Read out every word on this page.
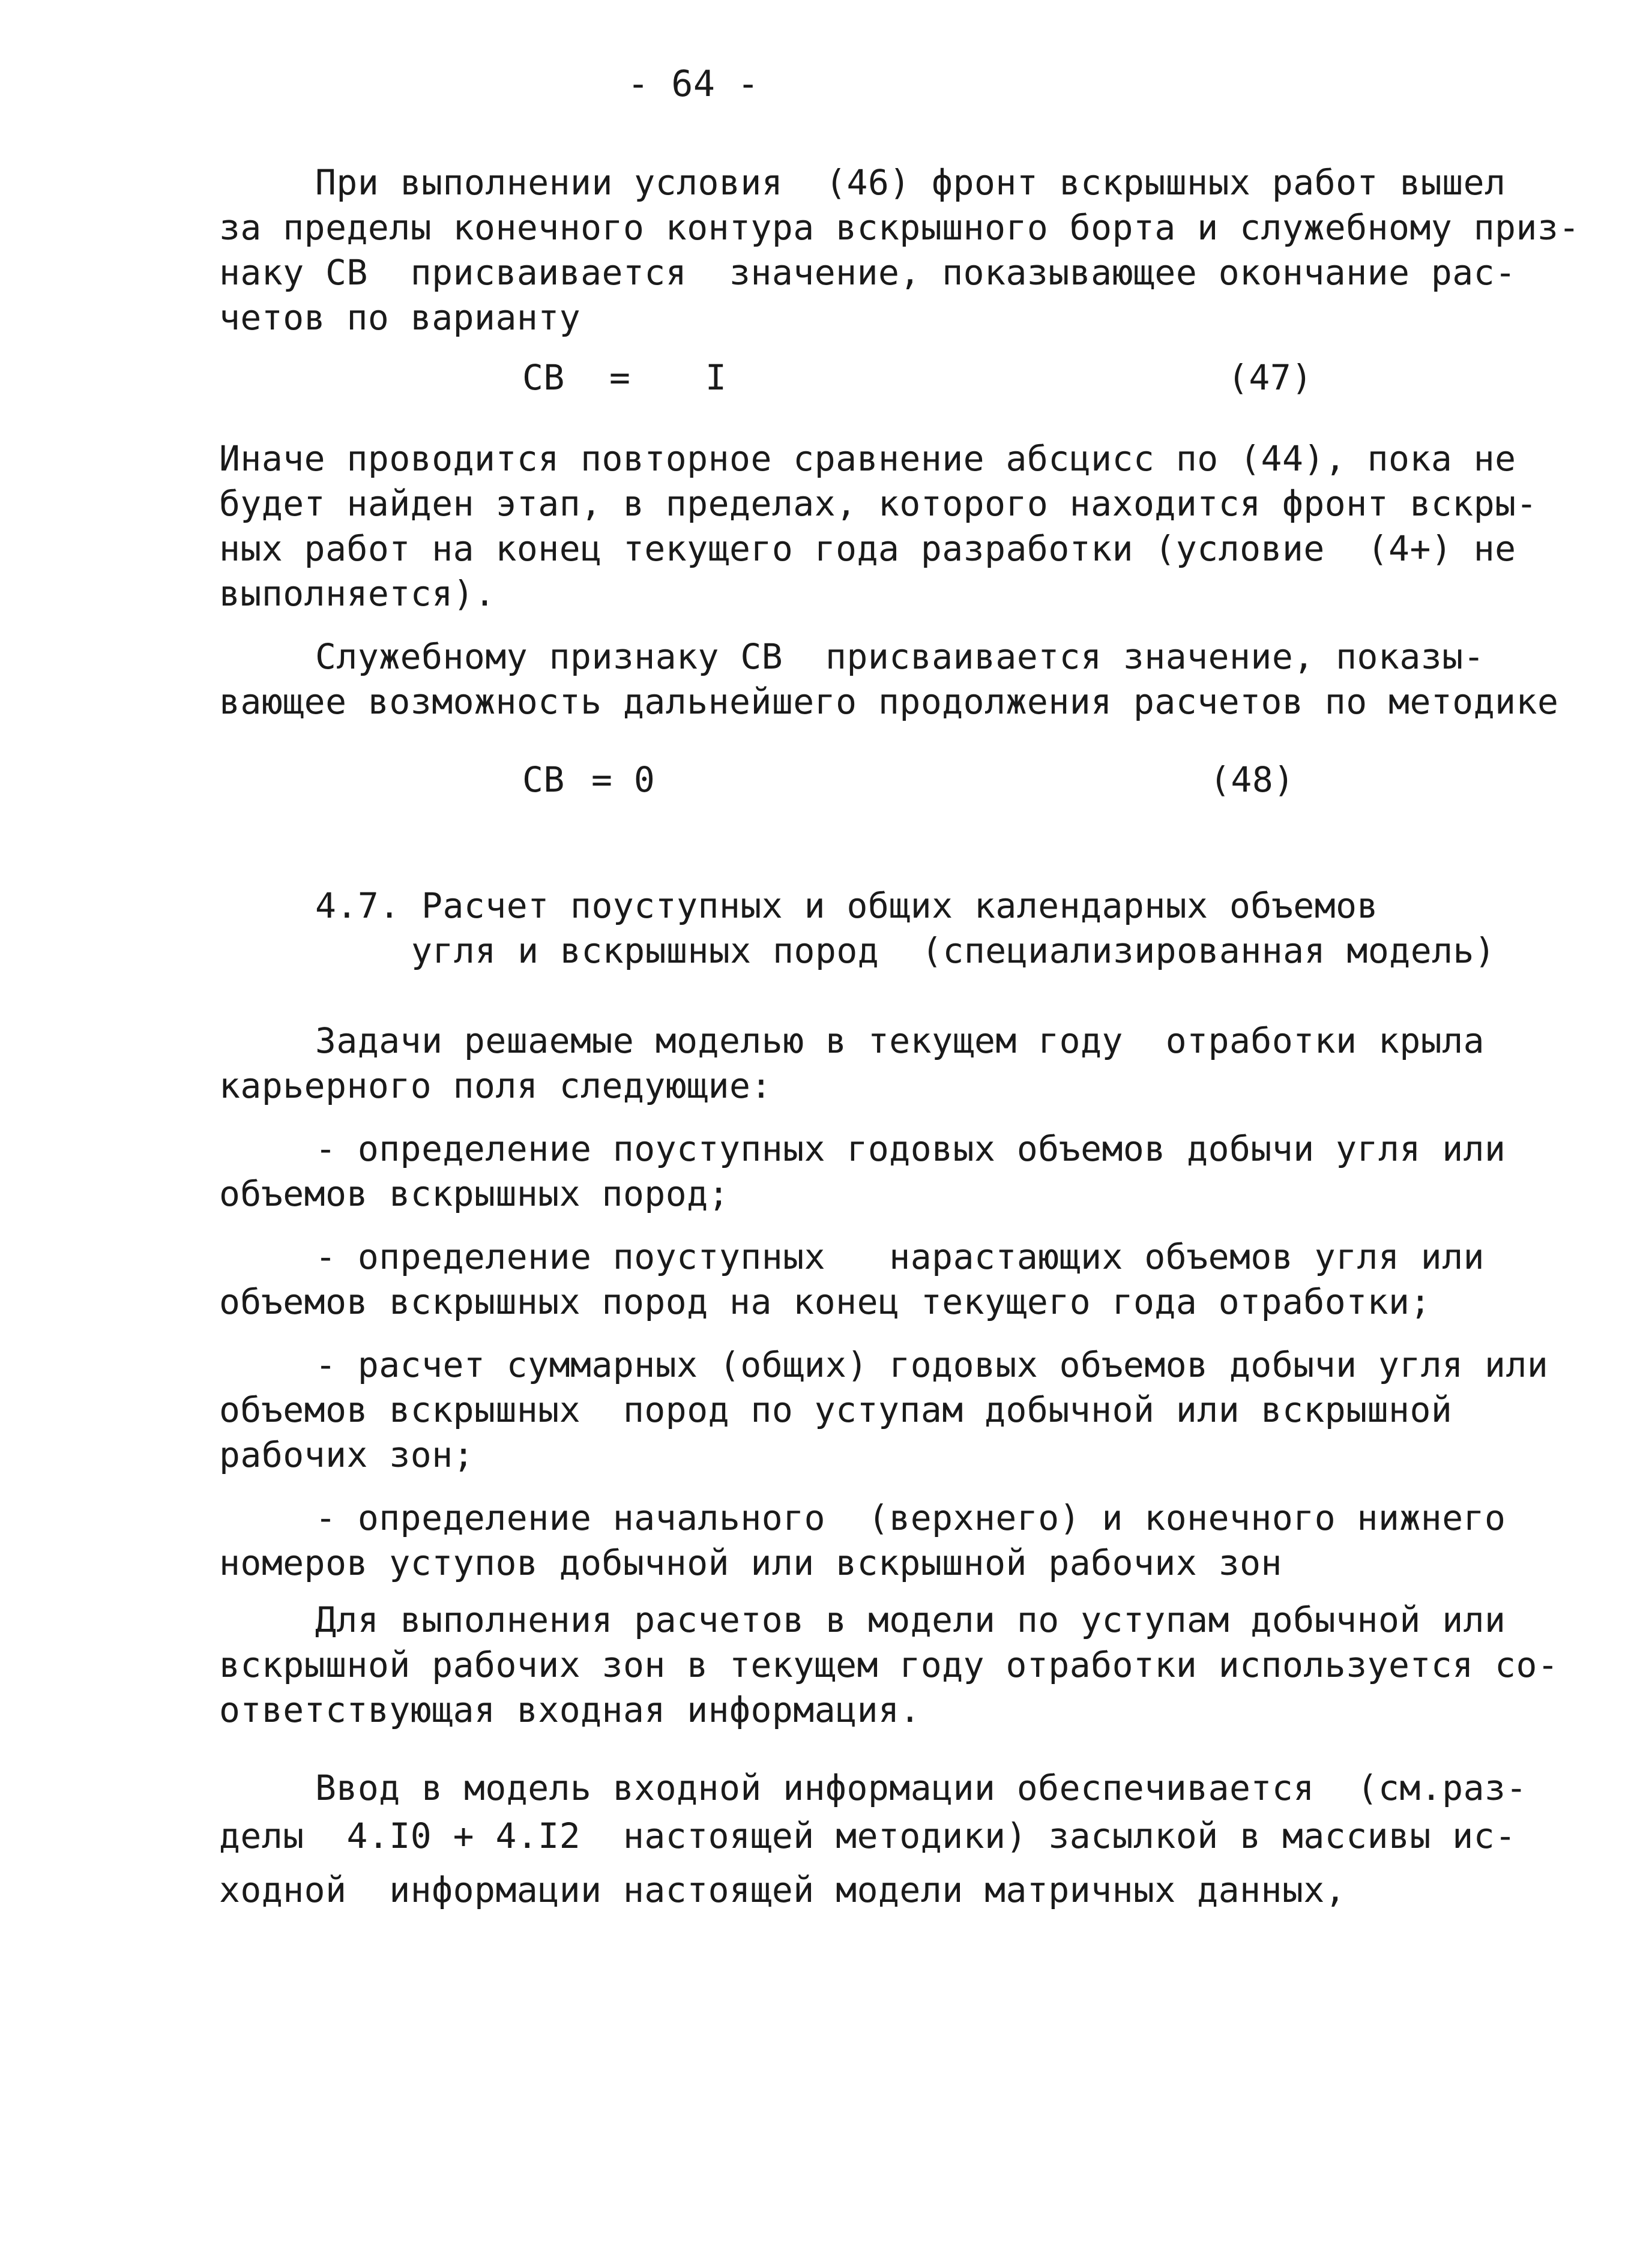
- 64 -
При выполнении условия  (46) фронт вскрышных работ вышел
за пределы конечного контура вскрышного борта и служебному приз-
наку СВ  присваивается  значение, показывающее окончание рас-
четов по варианту
СВ = I	(47)
Иначе проводится повторное сравнение абсцисс по (44), пока не
будет найден этап, в пределах, которого находится фронт вскры-
ных работ на конец текущего года разработки (условие  (4+) не
выполняется).
Служебному признаку СВ  присваивается значение, показы-
вающее возможность дальнейшего продолжения расчетов по методике
СВ = 0	(48)
4.7. Расчет поуступных и общих календарных объемов
угля и вскрышных пород  (специализированная модель)
Задачи решаемые моделью в текущем году  отработки крыла
карьерного поля следующие:
- определение поуступных годовых объемов добычи угля или
объемов вскрышных пород;
- определение поуступных   нарастающих объемов угля или
объемов вскрышных пород на конец текущего года отработки;
- расчет суммарных (общих) годовых объемов добычи угля или
объемов вскрышных  пород по уступам добычной или вскрышной
рабочих зон;
- определение начального  (верхнего) и конечного нижнего
номеров уступов добычной или вскрышной рабочих зон
Для выполнения расчетов в модели по уступам добычной или
вскрышной рабочих зон в текущем году отработки используется со-
ответствующая входная информация.
Ввод в модель входной информации обеспечивается  (см.раз-
делы  4.I0 + 4.I2  настоящей методики) засылкой в массивы ис-
ходной  информации настоящей модели матричных данных,
